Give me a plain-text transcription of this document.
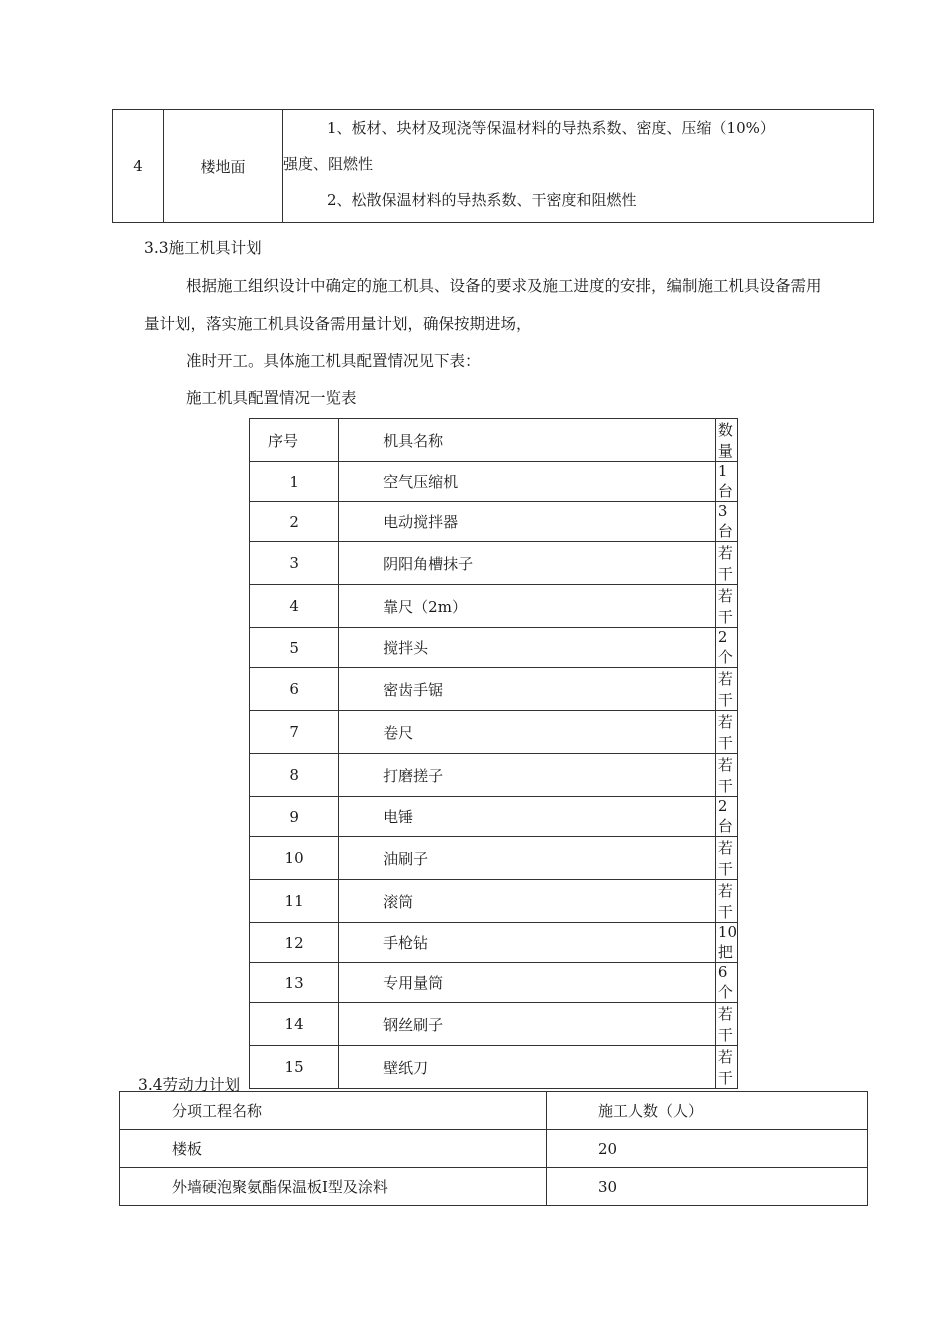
4	楼地面	
1、板材、块材及现浇等保温材料的导热系数、密度、压缩（10%）
强度、阻燃性
2、松散保温材料的导热系数、干密度和阻燃性
3.3施工机具计划
根据施工组织设计中确定的施工机具、设备的要求及施工进度的安排，编制施工机具设备需用
量计划，落实施工机具设备需用量计划，确保按期进场，
准时开工。具体施工机具配置情况见下表：
施工机具配置情况一览表
序号	机具名称	数量
1	空气压缩机	1台
2	电动搅拌器	3台
3	阴阳角槽抹子	若干
4	靠尺（2m）	若干
5	搅拌头	2个
6	密齿手锯	若干
7	卷尺	若干
8	打磨搓子	若干
9	电锤	2台
10	油刷子	若干
11	滚筒	若干
12	手枪钻	10把
13	专用量筒	6个
14	钢丝刷子	若干
15	壁纸刀	若干
3.4劳动力计划
分项工程名称	施工人数（人）
楼板	20
外墙硬泡聚氨酯保温板Ⅰ型及涂料	30
